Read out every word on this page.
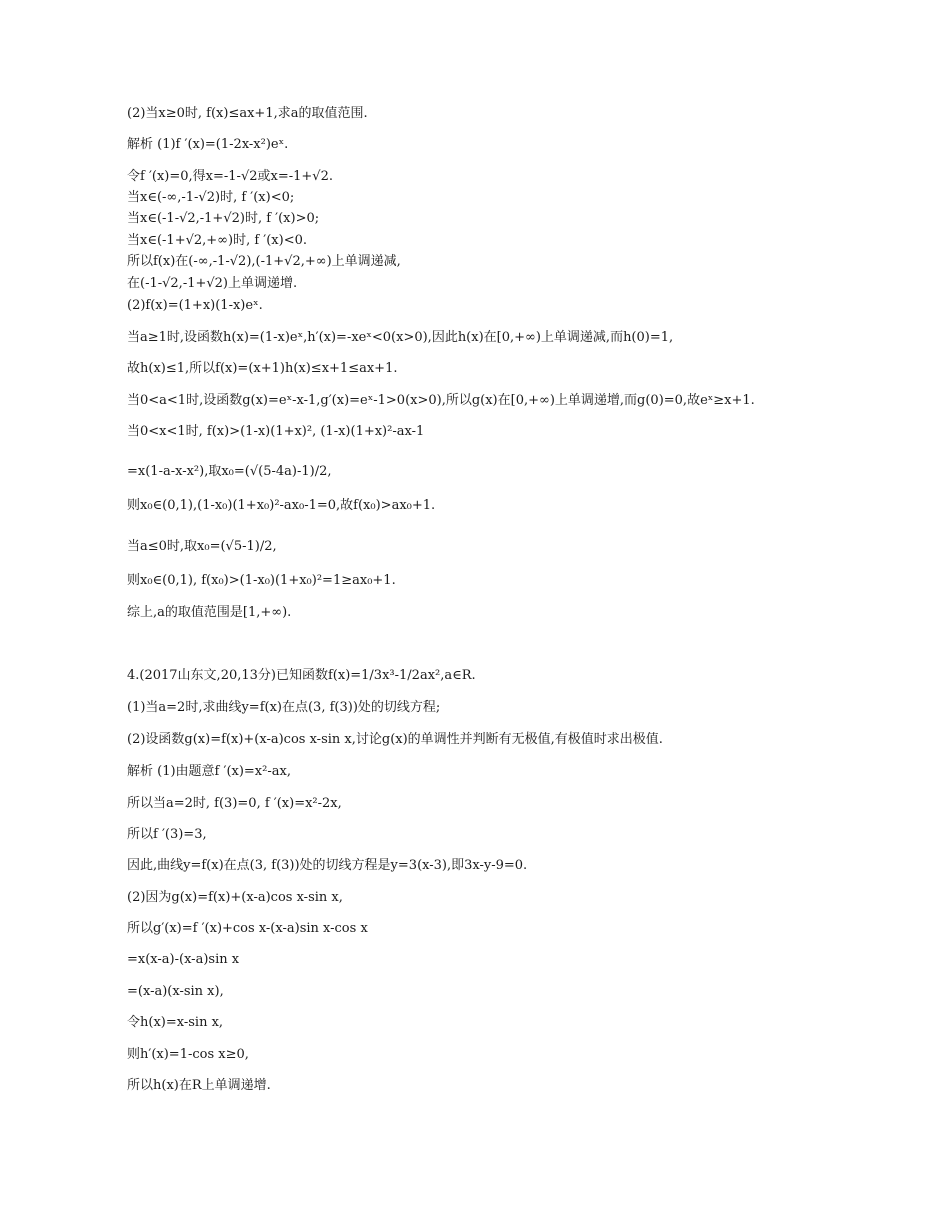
(2)当x≥0时, f(x)≤ax+1,求a的取值范围.
解析 (1)f ′(x)=(1-2x-x²)eˣ.
令f ′(x)=0,得x=-1-√2或x=-1+√2.
当x∈(-∞,-1-√2)时, f ′(x)<0;
当x∈(-1-√2,-1+√2)时, f ′(x)>0;
当x∈(-1+√2,+∞)时, f ′(x)<0.
所以f(x)在(-∞,-1-√2),(-1+√2,+∞)上单调递减,
在(-1-√2,-1+√2)上单调递增.
(2)f(x)=(1+x)(1-x)eˣ.
当a≥1时,设函数h(x)=(1-x)eˣ,h′(x)=-xeˣ<0(x>0),因此h(x)在[0,+∞)上单调递减,而h(0)=1,
故h(x)≤1,所以f(x)=(x+1)h(x)≤x+1≤ax+1.
当0<a<1时,设函数g(x)=eˣ-x-1,g′(x)=eˣ-1>0(x>0),所以g(x)在[0,+∞)上单调递增,而g(0)=0,故eˣ≥x+1.
当0<x<1时, f(x)>(1-x)(1+x)², (1-x)(1+x)²-ax-1
=x(1-a-x-x²),取x₀=(√(5-4a)-1)/2,
则x₀∈(0,1),(1-x₀)(1+x₀)²-ax₀-1=0,故f(x₀)>ax₀+1.
当a≤0时,取x₀=(√5-1)/2,
则x₀∈(0,1), f(x₀)>(1-x₀)(1+x₀)²=1≥ax₀+1.
综上,a的取值范围是[1,+∞).
4.(2017山东文,20,13分)已知函数f(x)=1/3x³-1/2ax²,a∈R.
(1)当a=2时,求曲线y=f(x)在点(3, f(3))处的切线方程;
(2)设函数g(x)=f(x)+(x-a)cos x-sin x,讨论g(x)的单调性并判断有无极值,有极值时求出极值.
解析 (1)由题意f ′(x)=x²-ax,
所以当a=2时, f(3)=0, f ′(x)=x²-2x,
所以f ′(3)=3,
因此,曲线y=f(x)在点(3, f(3))处的切线方程是y=3(x-3),即3x-y-9=0.
(2)因为g(x)=f(x)+(x-a)cos x-sin x,
所以g′(x)=f ′(x)+cos x-(x-a)sin x-cos x
=x(x-a)-(x-a)sin x
=(x-a)(x-sin x),
令h(x)=x-sin x,
则h′(x)=1-cos x≥0,
所以h(x)在R上单调递增.
